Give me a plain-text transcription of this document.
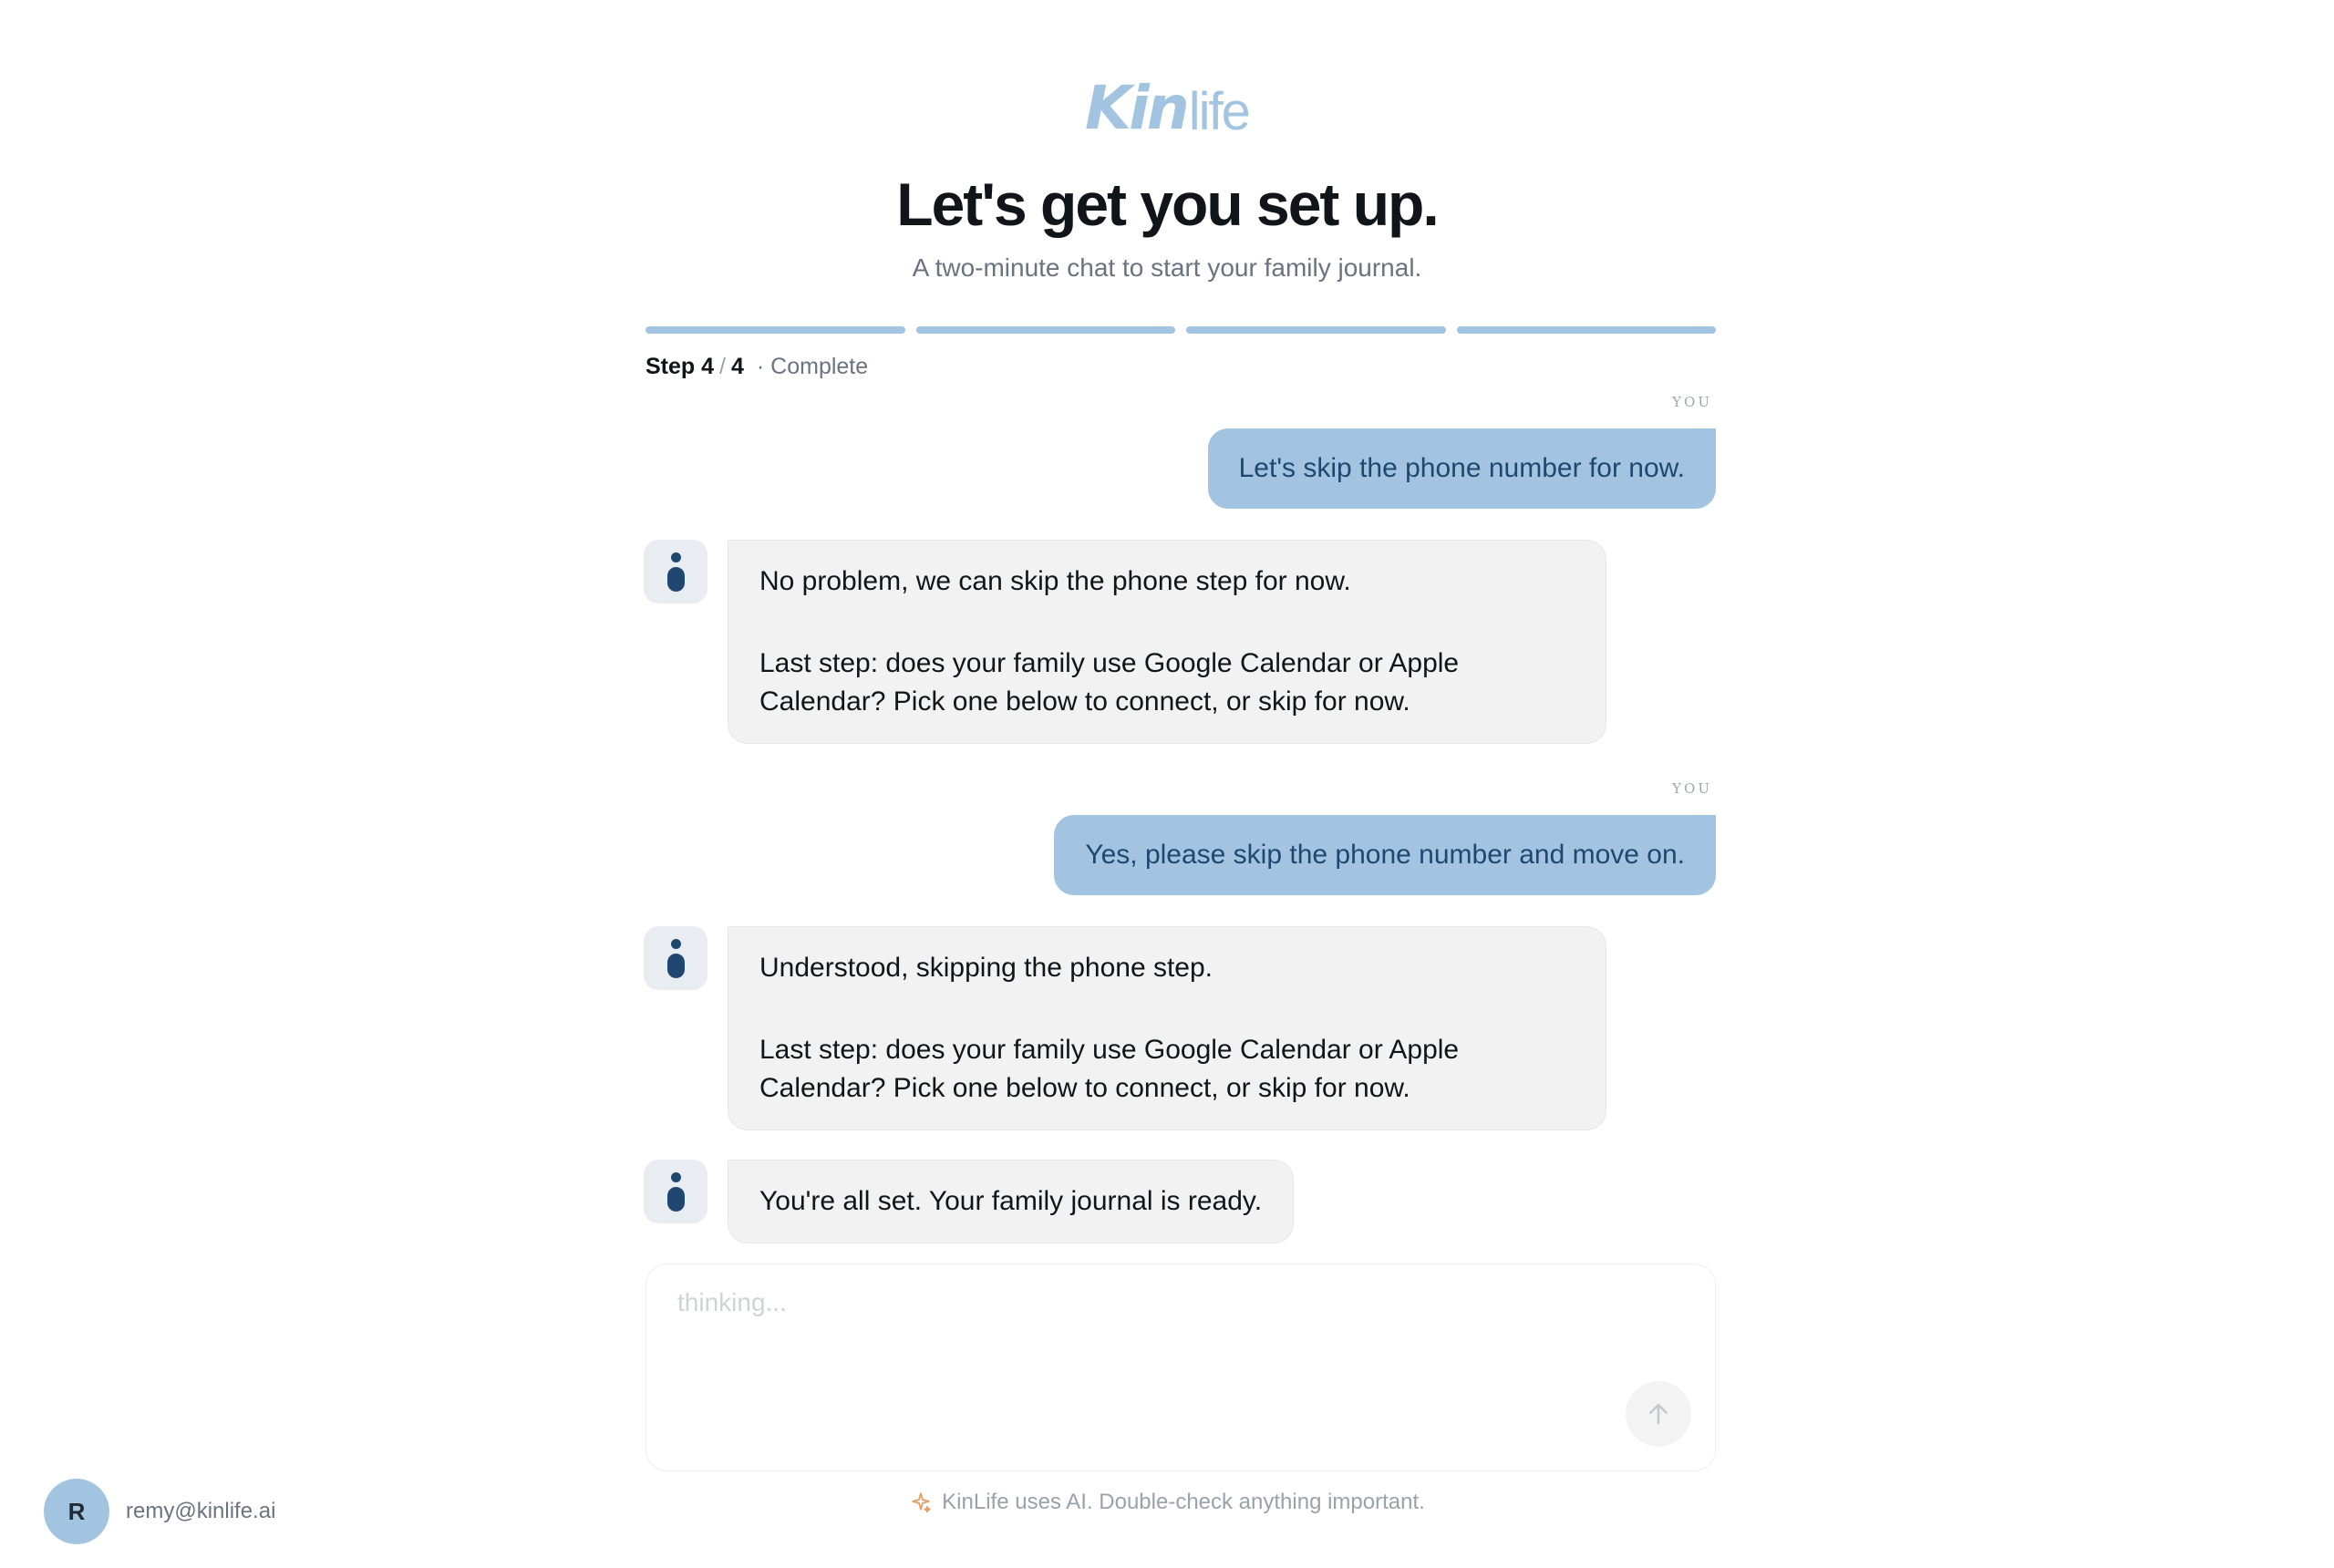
Kin life
Let's get you set up.
A two-minute chat to start your family journal.
Step 4 / 4 · Complete
YOU
Let's skip the phone number for now.

No problem, we can skip the phone step for now.

Last step: does your family use Google Calendar or Apple Calendar? Pick one below to connect, or skip for now.

YOU
Yes, please skip the phone number and move on.

Understood, skipping the phone step.

Last step: does your family use Google Calendar or Apple Calendar? Pick one below to connect, or skip for now.

You're all set. Your family journal is ready.

thinking...
KinLife uses AI. Double-check anything important.
R	remy@kinlife.ai
